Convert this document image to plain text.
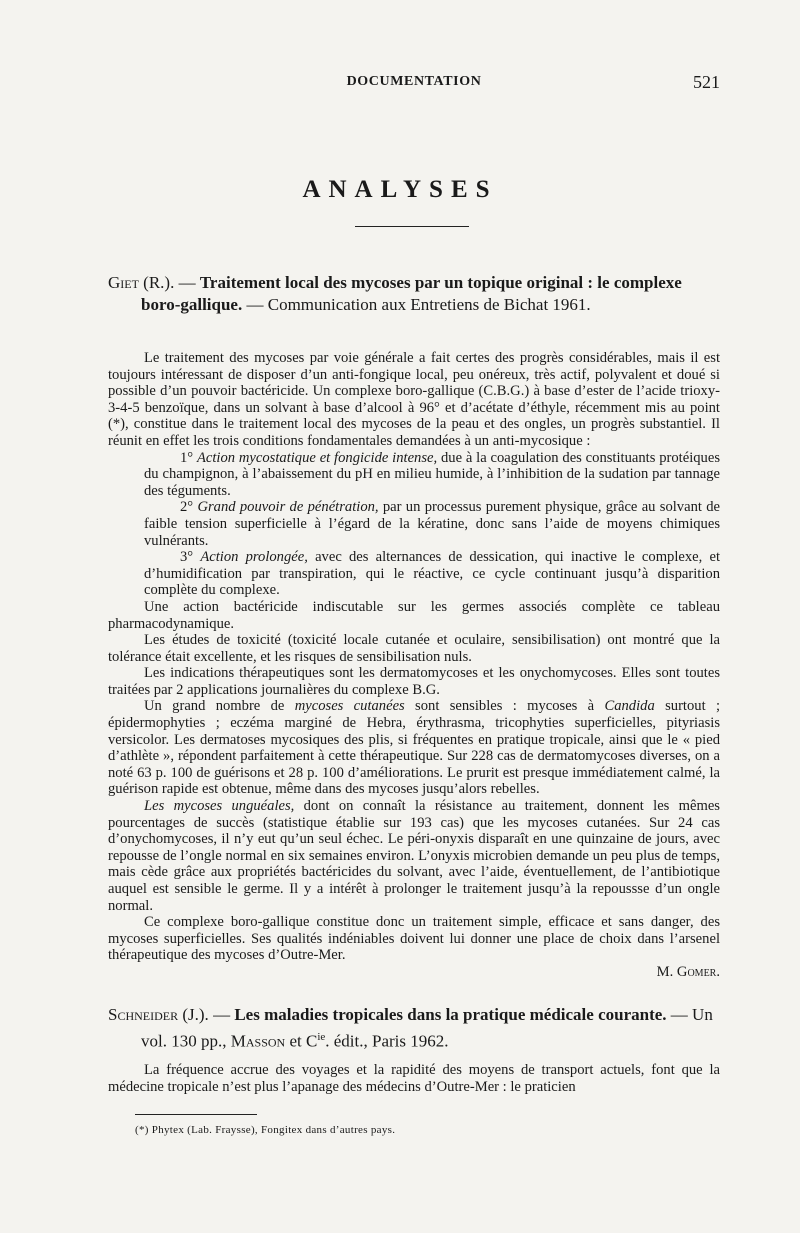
DOCUMENTATION	521
ANALYSES
Giet (R.). — Traitement local des mycoses par un topique original : le complexe boro-gallique. — Communication aux Entretiens de Bichat 1961.

Le traitement des mycoses par voie générale a fait certes des progrès considérables, mais il est toujours intéressant de disposer d’un anti-fongique local, peu onéreux, très actif, polyvalent et doué si possible d’un pouvoir bactéricide. Un complexe boro-gallique (C.B.G.) à base d’ester de l’acide trioxy-3-4-5 benzoïque, dans un solvant à base d’alcool à 96° et d’acétate d’éthyle, récemment mis au point (*), constitue dans le traitement local des mycoses de la peau et des ongles, un progrès substantiel. Il réunit en effet les trois conditions fondamentales demandées à un anti-mycosique :

1° Action mycostatique et fongicide intense, due à la coagulation des constituants protéiques du champignon, à l’abaissement du pH en milieu humide, à l’inhibition de la sudation par tannage des téguments.

2° Grand pouvoir de pénétration, par un processus purement physique, grâce au solvant de faible tension superficielle à l’égard de la kératine, donc sans l’aide de moyens chimiques vulnérants.

3° Action prolongée, avec des alternances de dessication, qui inactive le complexe, et d’humidification par transpiration, qui le réactive, ce cycle continuant jusqu’à disparition complète du complexe.

Une action bactéricide indiscutable sur les germes associés complète ce tableau pharmacodynamique.

Les études de toxicité (toxicité locale cutanée et oculaire, sensibilisation) ont montré que la tolérance était excellente, et les risques de sensibilisation nuls.

Les indications thérapeutiques sont les dermatomycoses et les onychomycoses. Elles sont toutes traitées par 2 applications journalières du complexe B.G.

Un grand nombre de mycoses cutanées sont sensibles : mycoses à Candida surtout ; épidermophyties ; eczéma marginé de Hebra, érythrasma, tricophyties superficielles, pityriasis versicolor. Les dermatoses mycosiques des plis, si fréquentes en pratique tropicale, ainsi que le « pied d’athlète », répondent parfaitement à cette thérapeutique. Sur 228 cas de dermatomycoses diverses, on a noté 63 p. 100 de guérisons et 28 p. 100 d’améliorations. Le prurit est presque immédiatement calmé, la guérison rapide est obtenue, même dans des mycoses jusqu’alors rebelles.

Les mycoses unguéales, dont on connaît la résistance au traitement, donnent les mêmes pourcentages de succès (statistique établie sur 193 cas) que les mycoses cutanées. Sur 24 cas d’onychomycoses, il n’y eut qu’un seul échec. Le péri-onyxis disparaît en une quinzaine de jours, avec repousse de l’ongle normal en six semaines environ. L’onyxis microbien demande un peu plus de temps, mais cède grâce aux propriétés bactéricides du solvant, avec l’aide, éventuellement, de l’antibiotique auquel est sensible le germe. Il y a intérêt à prolonger le traitement jusqu’à la repoussse d’un ongle normal.

Ce complexe boro-gallique constitue donc un traitement simple, efficace et sans danger, des mycoses superficielles. Ses qualités indéniables doivent lui donner une place de choix dans l’arsenel thérapeutique des mycoses d’Outre-Mer.

M. Gomer.

Schneider (J.). — Les maladies tropicales dans la pratique médicale courante. — Un vol. 130 pp., Masson et $C^{ie}$. édit., Paris 1962.

La fréquence accrue des voyages et la rapidité des moyens de transport actuels, font que la médecine tropicale n’est plus l’apanage des médecins d’Outre-Mer : le praticien

(*) Phytex (Lab. Fraysse), Fongitex dans d’autres pays.
